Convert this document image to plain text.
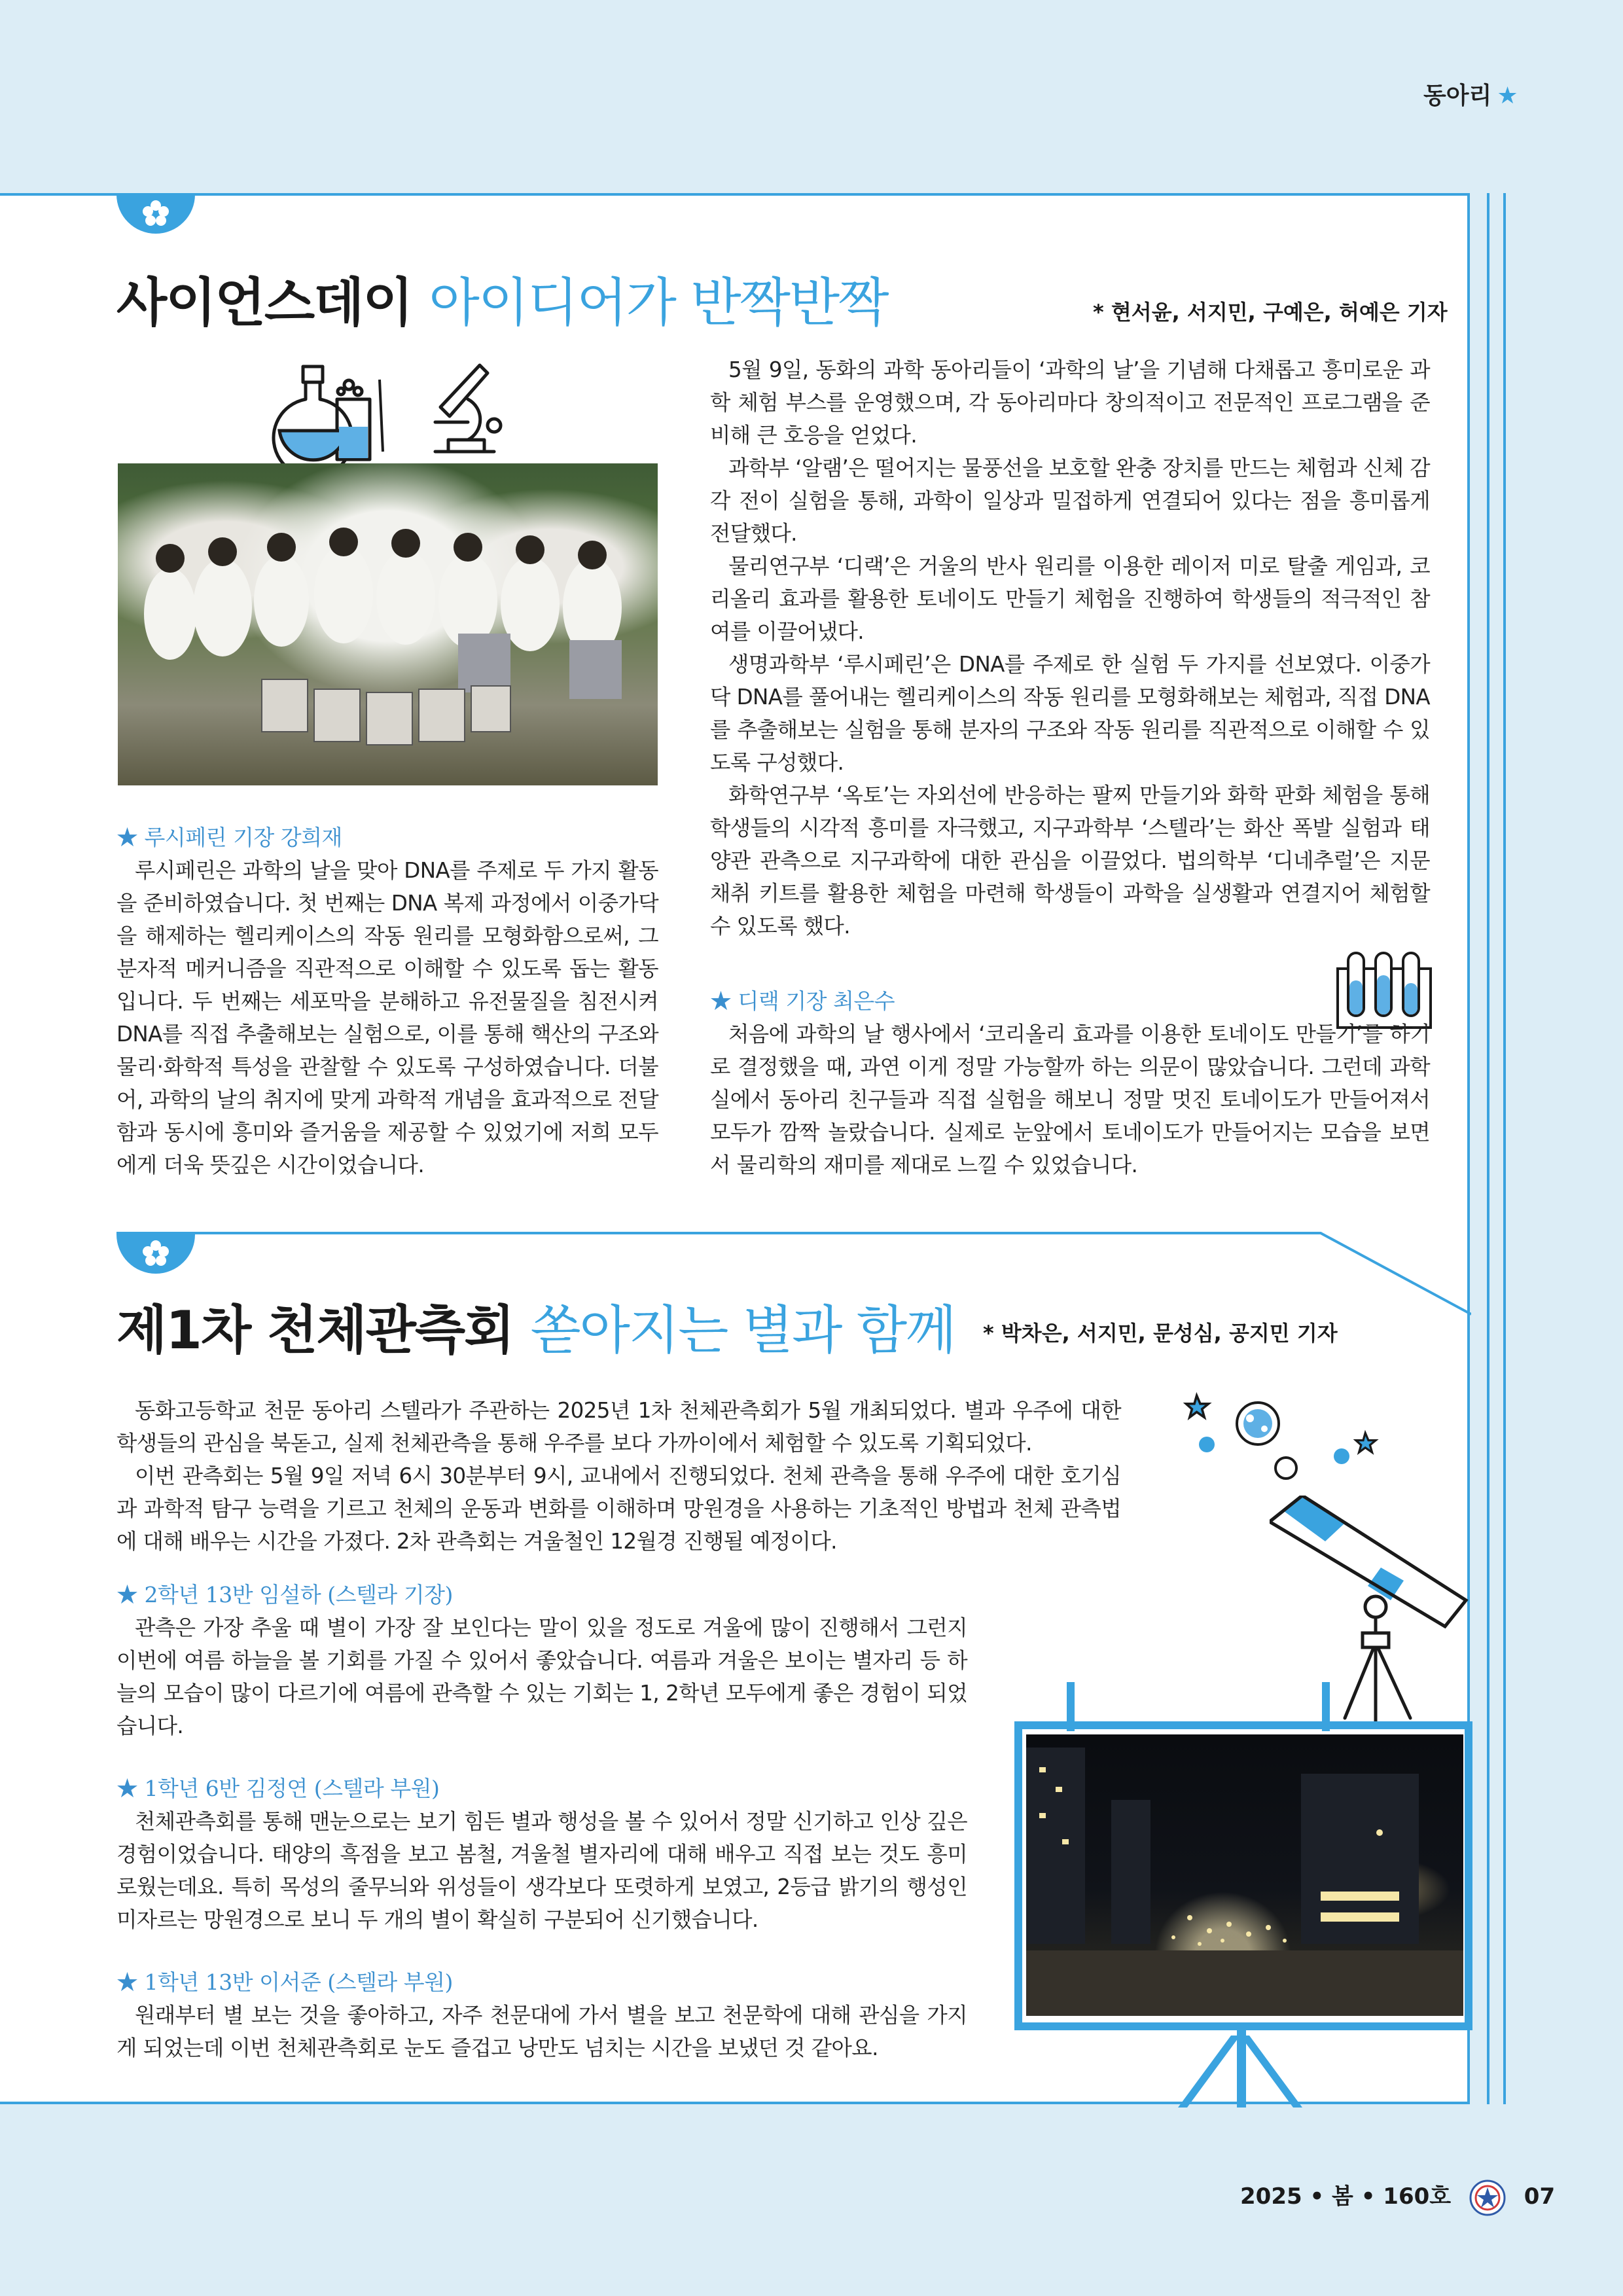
동아리 ★
사이언스데이 아이디어가 반짝반짝	* 현서윤, 서지민, 구예은, 허예은 기자
★ 루시페린 기장 강희재

루시페린은 과학의 날을 맞아 DNA를 주제로 두 가지 활동을 준비하였습니다. 첫 번째는 DNA 복제 과정에서 이중가닥을 해제하는 헬리케이스의 작동 원리를 모형화함으로써, 그 분자적 메커니즘을 직관적으로 이해할 수 있도록 돕는 활동입니다. 두 번째는 세포막을 분해하고 유전물질을 침전시켜 DNA를 직접 추출해보는 실험으로, 이를 통해 핵산의 구조와 물리·화학적 특성을 관찰할 수 있도록 구성하였습니다. 더불어, 과학의 날의 취지에 맞게 과학적 개념을 효과적으로 전달함과 동시에 흥미와 즐거움을 제공할 수 있었기에 저희 모두에게 더욱 뜻깊은 시간이었습니다.

5월 9일, 동화의 과학 동아리들이 ‘과학의 날’을 기념해 다채롭고 흥미로운 과학 체험 부스를 운영했으며, 각 동아리마다 창의적이고 전문적인 프로그램을 준비해 큰 호응을 얻었다.

과학부 ‘알램’은 떨어지는 물풍선을 보호할 완충 장치를 만드는 체험과 신체 감각 전이 실험을 통해, 과학이 일상과 밀접하게 연결되어 있다는 점을 흥미롭게 전달했다.

물리연구부 ‘디랙’은 거울의 반사 원리를 이용한 레이저 미로 탈출 게임과, 코리올리 효과를 활용한 토네이도 만들기 체험을 진행하여 학생들의 적극적인 참여를 이끌어냈다.

생명과학부 ‘루시페린’은 DNA를 주제로 한 실험 두 가지를 선보였다. 이중가닥 DNA를 풀어내는 헬리케이스의 작동 원리를 모형화해보는 체험과, 직접 DNA를 추출해보는 실험을 통해 분자의 구조와 작동 원리를 직관적으로 이해할 수 있도록 구성했다.

화학연구부 ‘옥토’는 자외선에 반응하는 팔찌 만들기와 화학 판화 체험을 통해 학생들의 시각적 흥미를 자극했고, 지구과학부 ‘스텔라’는 화산 폭발 실험과 태양관 관측으로 지구과학에 대한 관심을 이끌었다. 법의학부 ‘디네추럴’은 지문 채취 키트를 활용한 체험을 마련해 학생들이 과학을 실생활과 연결지어 체험할 수 있도록 했다.

★ 디랙 기장 최은수

처음에 과학의 날 행사에서 ‘코리올리 효과를 이용한 토네이도 만들기’를 하기로 결정했을 때, 과연 이게 정말 가능할까 하는 의문이 많았습니다. 그런데 과학실에서 동아리 친구들과 직접 실험을 해보니 정말 멋진 토네이도가 만들어져서 모두가 깜짝 놀랐습니다. 실제로 눈앞에서 토네이도가 만들어지는 모습을 보면서 물리학의 재미를 제대로 느낄 수 있었습니다.

제1차 천체관측회 쏟아지는 별과 함께 * 박차은, 서지민, 문성심, 공지민 기자

동화고등학교 천문 동아리 스텔라가 주관하는 2025년 1차 천체관측회가 5월 개최되었다. 별과 우주에 대한 학생들의 관심을 북돋고, 실제 천체관측을 통해 우주를 보다 가까이에서 체험할 수 있도록 기획되었다.

이번 관측회는 5월 9일 저녁 6시 30분부터 9시, 교내에서 진행되었다. 천체 관측을 통해 우주에 대한 호기심과 과학적 탐구 능력을 기르고 천체의 운동과 변화를 이해하며 망원경을 사용하는 기초적인 방법과 천체 관측법에 대해 배우는 시간을 가졌다. 2차 관측회는 겨울철인 12월경 진행될 예정이다.

★ 2학년 13반 임설하 (스텔라 기장)

관측은 가장 추울 때 별이 가장 잘 보인다는 말이 있을 정도로 겨울에 많이 진행해서 그런지 이번에 여름 하늘을 볼 기회를 가질 수 있어서 좋았습니다. 여름과 겨울은 보이는 별자리 등 하늘의 모습이 많이 다르기에 여름에 관측할 수 있는 기회는 1, 2학년 모두에게 좋은 경험이 되었습니다.

★ 1학년 6반 김정연 (스텔라 부원)

천체관측회를 통해 맨눈으로는 보기 힘든 별과 행성을 볼 수 있어서 정말 신기하고 인상 깊은 경험이었습니다. 태양의 흑점을 보고 봄철, 겨울철 별자리에 대해 배우고 직접 보는 것도 흥미로웠는데요. 특히 목성의 줄무늬와 위성들이 생각보다 또렷하게 보였고, 2등급 밝기의 행성인 미자르는 망원경으로 보니 두 개의 별이 확실히 구분되어 신기했습니다.

★ 1학년 13반 이서준 (스텔라 부원)

원래부터 별 보는 것을 좋아하고, 자주 천문대에 가서 별을 보고 천문학에 대해 관심을 가지게 되었는데 이번 천체관측회로 눈도 즐겁고 낭만도 넘치는 시간을 보냈던 것 같아요.

2025 • 봄 • 160호	07
